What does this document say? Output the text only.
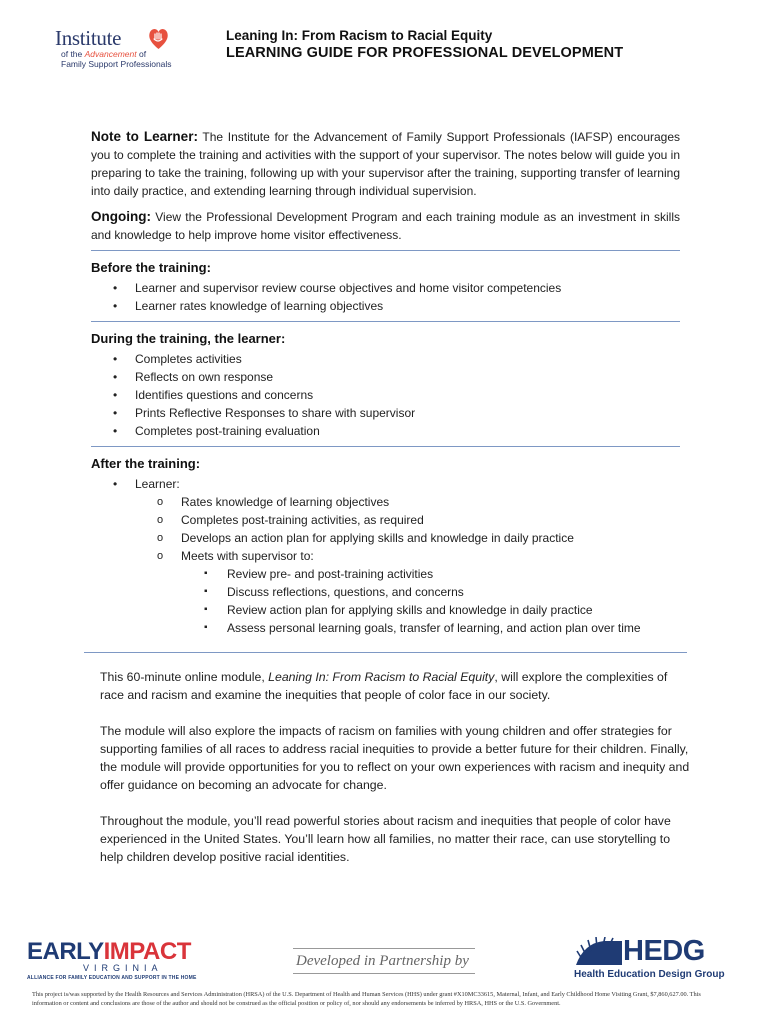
Institute
of the Advancement of
Family Support Professionals
Leaning In: From Racism to Racial Equity
LEARNING GUIDE FOR PROFESSIONAL DEVELOPMENT

Note to Learner: The Institute for the Advancement of Family Support Professionals (IAFSP) encourages you to complete the training and activities with the support of your supervisor. The notes below will guide you in preparing to take the training, following up with your supervisor after the training, supporting transfer of learning into daily practice, and extending learning through individual supervision.

Ongoing: View the Professional Development Program and each training module as an investment in skills and knowledge to help improve home visitor effectiveness.

Before the training:
• Learner and supervisor review course objectives and home visitor competencies
• Learner rates knowledge of learning objectives
During the training, the learner:
• Completes activities
• Reflects on own response
• Identifies questions and concerns
• Prints Reflective Responses to share with supervisor
• Completes post-training evaluation
After the training:
• Learner:
o Rates knowledge of learning objectives
o Completes post-training activities, as required
o Develops an action plan for applying skills and knowledge in daily practice
o Meets with supervisor to:
▪ Review pre- and post-training activities
▪ Discuss reflections, questions, and concerns
▪ Review action plan for applying skills and knowledge in daily practice
▪ Assess personal learning goals, transfer of learning, and action plan over time

This 60-minute online module, Leaning In: From Racism to Racial Equity, will explore the complexities of race and racism and examine the inequities that people of color face in our society.

The module will also explore the impacts of racism on families with young children and offer strategies for supporting families of all races to address racial inequities to provide a better future for their children. Finally, the module will provide opportunities for you to reflect on your own experiences with racism and inequity and offer guidance on becoming an advocate for change.

Throughout the module, you’ll read powerful stories about racism and inequities that people of color have experienced in the United States. You’ll learn how all families, no matter their race, can use storytelling to help children develop positive racial identities.

EARLYIMPACT
VIRGINIA
ALLIANCE FOR FAMILY EDUCATION AND SUPPORT IN THE HOME
Developed in Partnership by	HEDG
Health Education Design Group
This project is/was supported by the Health Resources and Services Administration (HRSA) of the U.S. Department of Health and Human Services (HHS) under grant #X10MC33615, Maternal, Infant, and Early Childhood Home Visiting Grant, $7,860,627.00. This information or content and conclusions are those of the author and should not be construed as the official position or policy of, nor should any endorsements be inferred by HRSA, HHS or the U.S. Government.
